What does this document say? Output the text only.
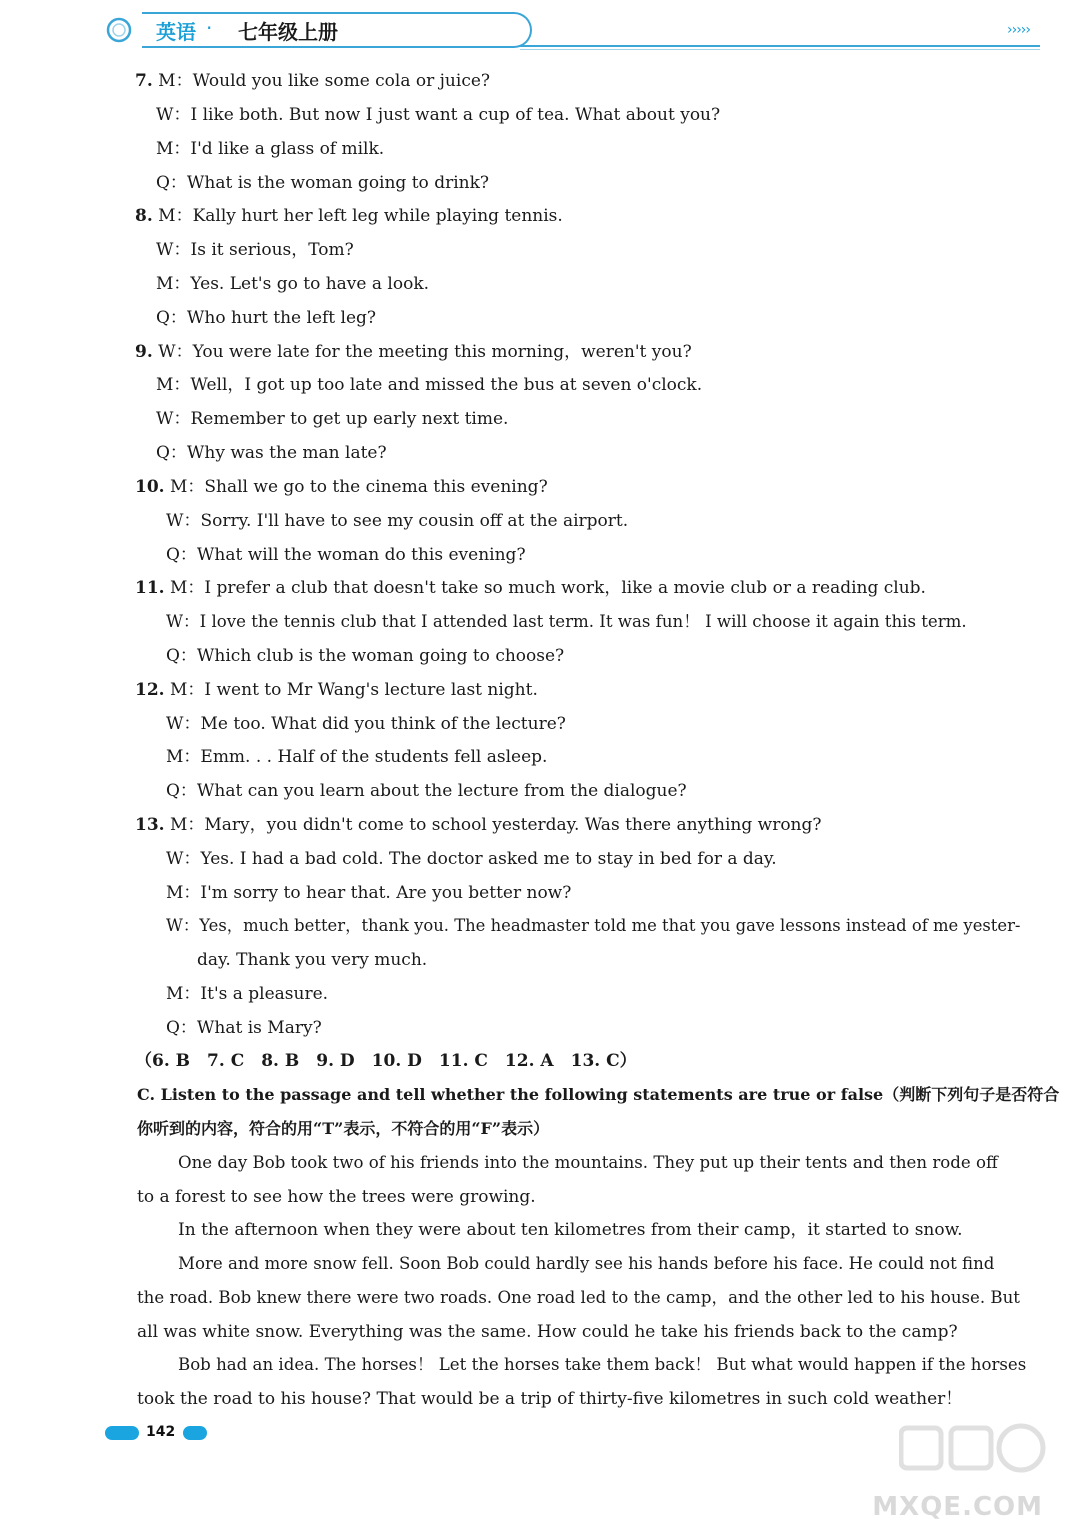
英语 · 七年级上册	›››››
7. M：Would you like some cola or juice?
W：I like both. But now I just want a cup of tea. What about you?
M：I'd like a glass of milk.
Q：What is the woman going to drink?
8. M：Kally hurt her left leg while playing tennis.
W：Is it serious，Tom?
M：Yes. Let's go to have a look.
Q：Who hurt the left leg?
9. W：You were late for the meeting this morning，weren't you?
M：Well，I got up too late and missed the bus at seven o'clock.
W：Remember to get up early next time.
Q：Why was the man late?
10. M：Shall we go to the cinema this evening?
W：Sorry. I'll have to see my cousin off at the airport.
Q：What will the woman do this evening?
11. M：I prefer a club that doesn't take so much work，like a movie club or a reading club.
W：I love the tennis club that I attended last term. It was fun！ I will choose it again this term.
Q：Which club is the woman going to choose?
12. M：I went to Mr Wang's lecture last night.
W：Me too. What did you think of the lecture?
M：Emm. . . Half of the students fell asleep.
Q：What can you learn about the lecture from the dialogue?
13. M：Mary，you didn't come to school yesterday. Was there anything wrong?
W：Yes. I had a bad cold. The doctor asked me to stay in bed for a day.
M：I'm sorry to hear that. Are you better now?
W：Yes，much better，thank you. The headmaster told me that you gave lessons instead of me yester-
day. Thank you very much.
M：It's a pleasure.
Q：What is Mary?
（6. B　7. C　8. B　9. D　10. D　11. C　12. A　13. C）
C. Listen to the passage and tell whether the following statements are true or false（判断下列句子是否符合
你听到的内容，符合的用“T”表示，不符合的用“F”表示）
One day Bob took two of his friends into the mountains. They put up their tents and then rode off
to a forest to see how the trees were growing.
In the afternoon when they were about ten kilometres from their camp，it started to snow.
More and more snow fell. Soon Bob could hardly see his hands before his face. He could not find
the road. Bob knew there were two roads. One road led to the camp，and the other led to his house. But
all was white snow. Everything was the same. How could he take his friends back to the camp?
Bob had an idea. The horses！ Let the horses take them back！ But what would happen if the horses
took the road to his house? That would be a trip of thirty-five kilometres in such cold weather！
142
MXQE.COM
